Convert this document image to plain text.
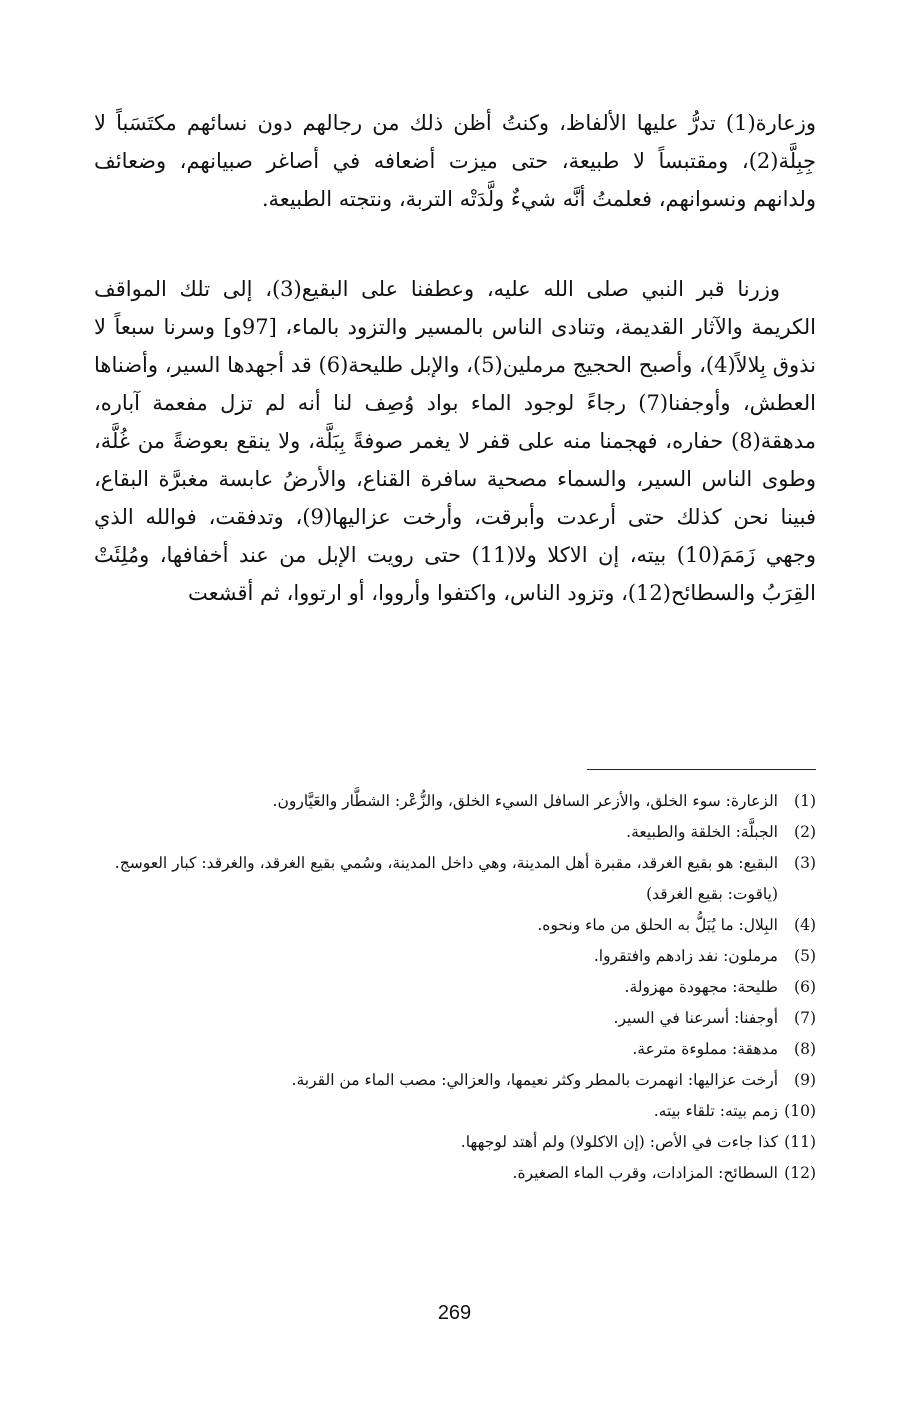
وزعارة(1) تدرُّ عليها الألفاظ، وكنتُ أظن ذلك من رجالهم دون نسائهم مكتَسَباً لا جِبِلَّة(2)، ومقتبساً لا طبيعة، حتى ميزت أضعافه في أصاغر صبيانهم، وضعائف ولدانهم ونسوانهم، فعلمتُ أنَّه شيءٌ ولَّدَتْه التربة، ونتجته الطبيعة.

وزرنا قبر النبي صلى الله عليه، وعطفنا على البقيع(3)، إلى تلك المواقف الكريمة والآثار القديمة، وتنادى الناس بالمسير والتزود بالماء، [97و] وسرنا سبعاً لا نذوق بِلالاً(4)، وأصبح الحجيج مرملين(5)، والإبل طليحة(6) قد أجهدها السير، وأضناها العطش، وأوجفنا(7) رجاءً لوجود الماء بواد وُصِف لنا أنه لم تزل مفعمة آباره، مدهقة(8) حفاره، فهجمنا منه على قفر لا يغمر صوفةً بِبَلَّة، ولا ينقع بعوضةً من غُلَّة، وطوى الناس السير، والسماء مصحية سافرة القناع، والأرضُ عابسة مغبرَّة البقاع، فبينا نحن كذلك حتى أرعدت وأبرقت، وأرخت عزاليها(9)، وتدفقت، فوالله الذي وجهي زَمَمَ(10) بيته، إن الاكلا ولا(11) حتى رويت الإبل من عند أخفافها، ومُلِئَتْ القِرَبُ والسطائح(12)، وتزود الناس، واكتفوا وأرووا، أو ارتووا، ثم أقشعت

(1)
الزعارة: سوء الخلق، والأزعر السافل السيء الخلق، والزُّعْر: الشطَّار والعَيَّارون.
(2)
الجبلَّة: الخلقة والطبيعة.
(3)
البقيع: هو بقيع الغرقد، مقبرة أهل المدينة، وهي داخل المدينة، وسُمي بقيع الغرقد، والغرقد: كبار العوسج. (ياقوت: بقيع الغرقد)
(4)
البِلال: ما يُبَلُّ به الحلق من ماء ونحوه.
(5)
مرملون: نفد زادهم وافتقروا.
(6)
طليحة: مجهودة مهزولة.
(7)
أوجفنا: أسرعنا في السير.
(8)
مدهقة: مملوءة مترعة.
(9)
أرخت عزاليها: انهمرت بالمطر وكثر نعيمها، والعزالي: مصب الماء من القربة.
(10)
زمم بيته: تلقاء بيته.
(11)
كذا جاءت في الأص: (إن الاكلولا) ولم أهتد لوجهها.
(12)
السطائح: المزادات، وقرب الماء الصغيرة.
269
